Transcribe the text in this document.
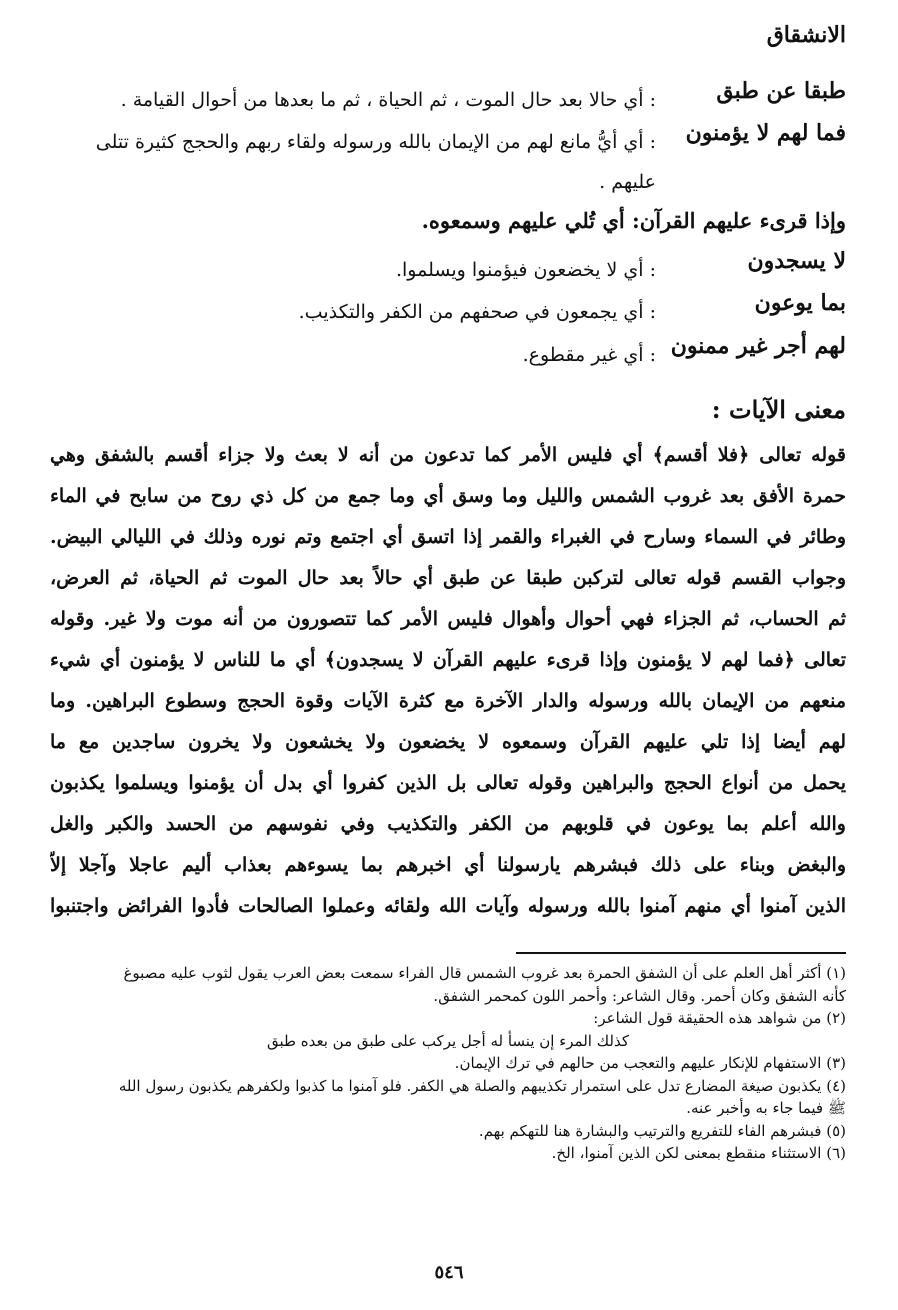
الانشقاق
طبقا عن طبق
: أي حالا بعد حال الموت ، ثم الحياة ، ثم ما بعدها من أحوال القيامة .
فما لهم لا يؤمنون
: أي أيُّ مانع لهم من الإيمان بالله ورسوله ولقاء ربهم والحجج كثيرة تتلى عليهم .
وإذا قرىء عليهم القرآن: أي تُلي عليهم وسمعوه.
لا يسجدون
: أي لا يخضعون فيؤمنوا ويسلموا.
بما يوعون
: أي يجمعون في صحفهم من الكفر والتكذيب.
لهم أجر غير ممنون
: أي غير مقطوع.
معنى الآيات :
قوله تعالى ﴿فلا أقسم﴾ أي فليس الأمر كما تدعون من أنه لا بعث ولا جزاء أقسم بالشفق وهي
حمرة الأفق بعد غروب الشمس والليل وما وسق أي وما جمع من كل ذي روح من سابح في الماء
وطائر في السماء وسارح في الغبراء والقمر إذا اتسق أي اجتمع وتم نوره وذلك في الليالي البيض.
وجواب القسم قوله تعالى لتركبن طبقا عن طبق أي حالاً بعد حال الموت ثم الحياة، ثم العرض،
ثم الحساب، ثم الجزاء فهي أحوال وأهوال فليس الأمر كما تتصورون من أنه موت ولا غير. وقوله
تعالى ﴿فما لهم لا يؤمنون وإذا قرىء عليهم القرآن لا يسجدون﴾ أي ما للناس لا يؤمنون أي شيء
منعهم من الإيمان بالله ورسوله والدار الآخرة مع كثرة الآيات وقوة الحجج وسطوع البراهين. وما
لهم أيضا إذا تلي عليهم القرآن وسمعوه لا يخضعون ولا يخشعون ولا يخرون ساجدين مع ما
يحمل من أنواع الحجج والبراهين وقوله تعالى بل الذين كفروا أي بدل أن يؤمنوا ويسلموا يكذبون
والله أعلم بما يوعون في قلوبهم من الكفر والتكذيب وفي نفوسهم من الحسد والكبر والغل
والبغض وبناء على ذلك فبشرهم يارسولنا أي اخبرهم بما يسوءهم بعذاب أليم عاجلا وآجلا إلاّ
الذين آمنوا أي منهم آمنوا بالله ورسوله وآيات الله ولقائه وعملوا الصالحات فأدوا الفرائض واجتنبوا
(١) أكثر أهل العلم على أن الشفق الحمرة بعد غروب الشمس قال الفراء سمعت بعض العرب يقول لثوب عليه مصبوغ
كأنه الشفق وكان أحمر. وقال الشاعر: وأحمر اللون كمحمر الشفق.
(٢) من شواهد هذه الحقيقة قول الشاعر:
كذلك المرء إن ينسأ له أجل يركب على طبق من بعده طبق
(٣) الاستفهام للإنكار عليهم والتعجب من حالهم في ترك الإيمان.
(٤) يكذبون صيغة المضارع تدل على استمرار تكذيبهم والصلة هي الكفر. فلو آمنوا ما كذبوا ولكفرهم يكذبون رسول الله
ﷺ فيما جاء به وأخبر عنه.
(٥) فبشرهم الفاء للتفريع والترتيب والبشارة هنا للتهكم بهم.
(٦) الاستثناء منقطع بمعنى لكن الذين آمنوا، الخ.
٥٤٦
